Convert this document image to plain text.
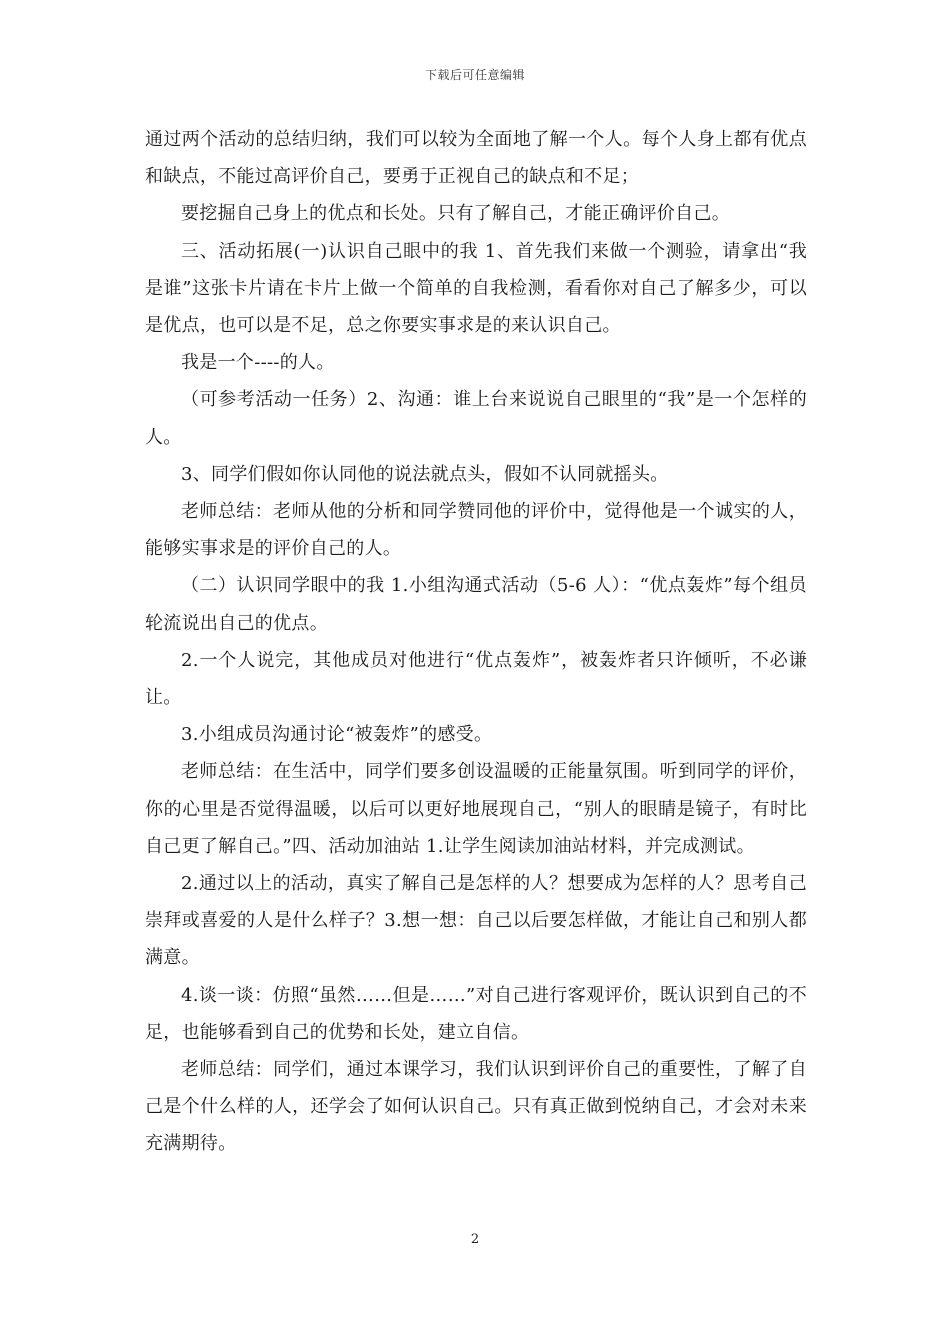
下载后可任意编辑

通过两个活动的总结归纳，我们可以较为全面地了解一个人。每个人身上都有优点和缺点，不能过高评价自己，要勇于正视自己的缺点和不足；

要挖掘自己身上的优点和长处。只有了解自己，才能正确评价自己。

三、活动拓展(一)认识自己眼中的我 1、首先我们来做一个测验，请拿出“我是谁”这张卡片请在卡片上做一个简单的自我检测，看看你对自己了解多少，可以是优点，也可以是不足，总之你要实事求是的来认识自己。

我是一个----的人。

（可参考活动一任务）2、沟通：谁上台来说说自己眼里的“我”是一个怎样的人。

3、同学们假如你认同他的说法就点头，假如不认同就摇头。

老师总结：老师从他的分析和同学赞同他的评价中，觉得他是一个诚实的人，能够实事求是的评价自己的人。

（二）认识同学眼中的我 1.小组沟通式活动（5-6 人）：“优点轰炸”每个组员轮流说出自己的优点。

2.一个人说完，其他成员对他进行“优点轰炸”，被轰炸者只许倾听，不必谦让。

3.小组成员沟通讨论“被轰炸”的感受。

老师总结：在生活中，同学们要多创设温暖的正能量氛围。听到同学的评价，你的心里是否觉得温暖，以后可以更好地展现自己，“别人的眼睛是镜子，有时比自己更了解自己。”四、活动加油站 1.让学生阅读加油站材料，并完成测试。

2.通过以上的活动，真实了解自己是怎样的人？想要成为怎样的人？思考自己崇拜或喜爱的人是什么样子？3.想一想：自己以后要怎样做，才能让自己和别人都满意。

4.谈一谈：仿照“虽然……但是……”对自己进行客观评价，既认识到自己的不足，也能够看到自己的优势和长处，建立自信。

老师总结：同学们，通过本课学习，我们认识到评价自己的重要性，了解了自己是个什么样的人，还学会了如何认识自己。只有真正做到悦纳自己，才会对未来充满期待。

2
